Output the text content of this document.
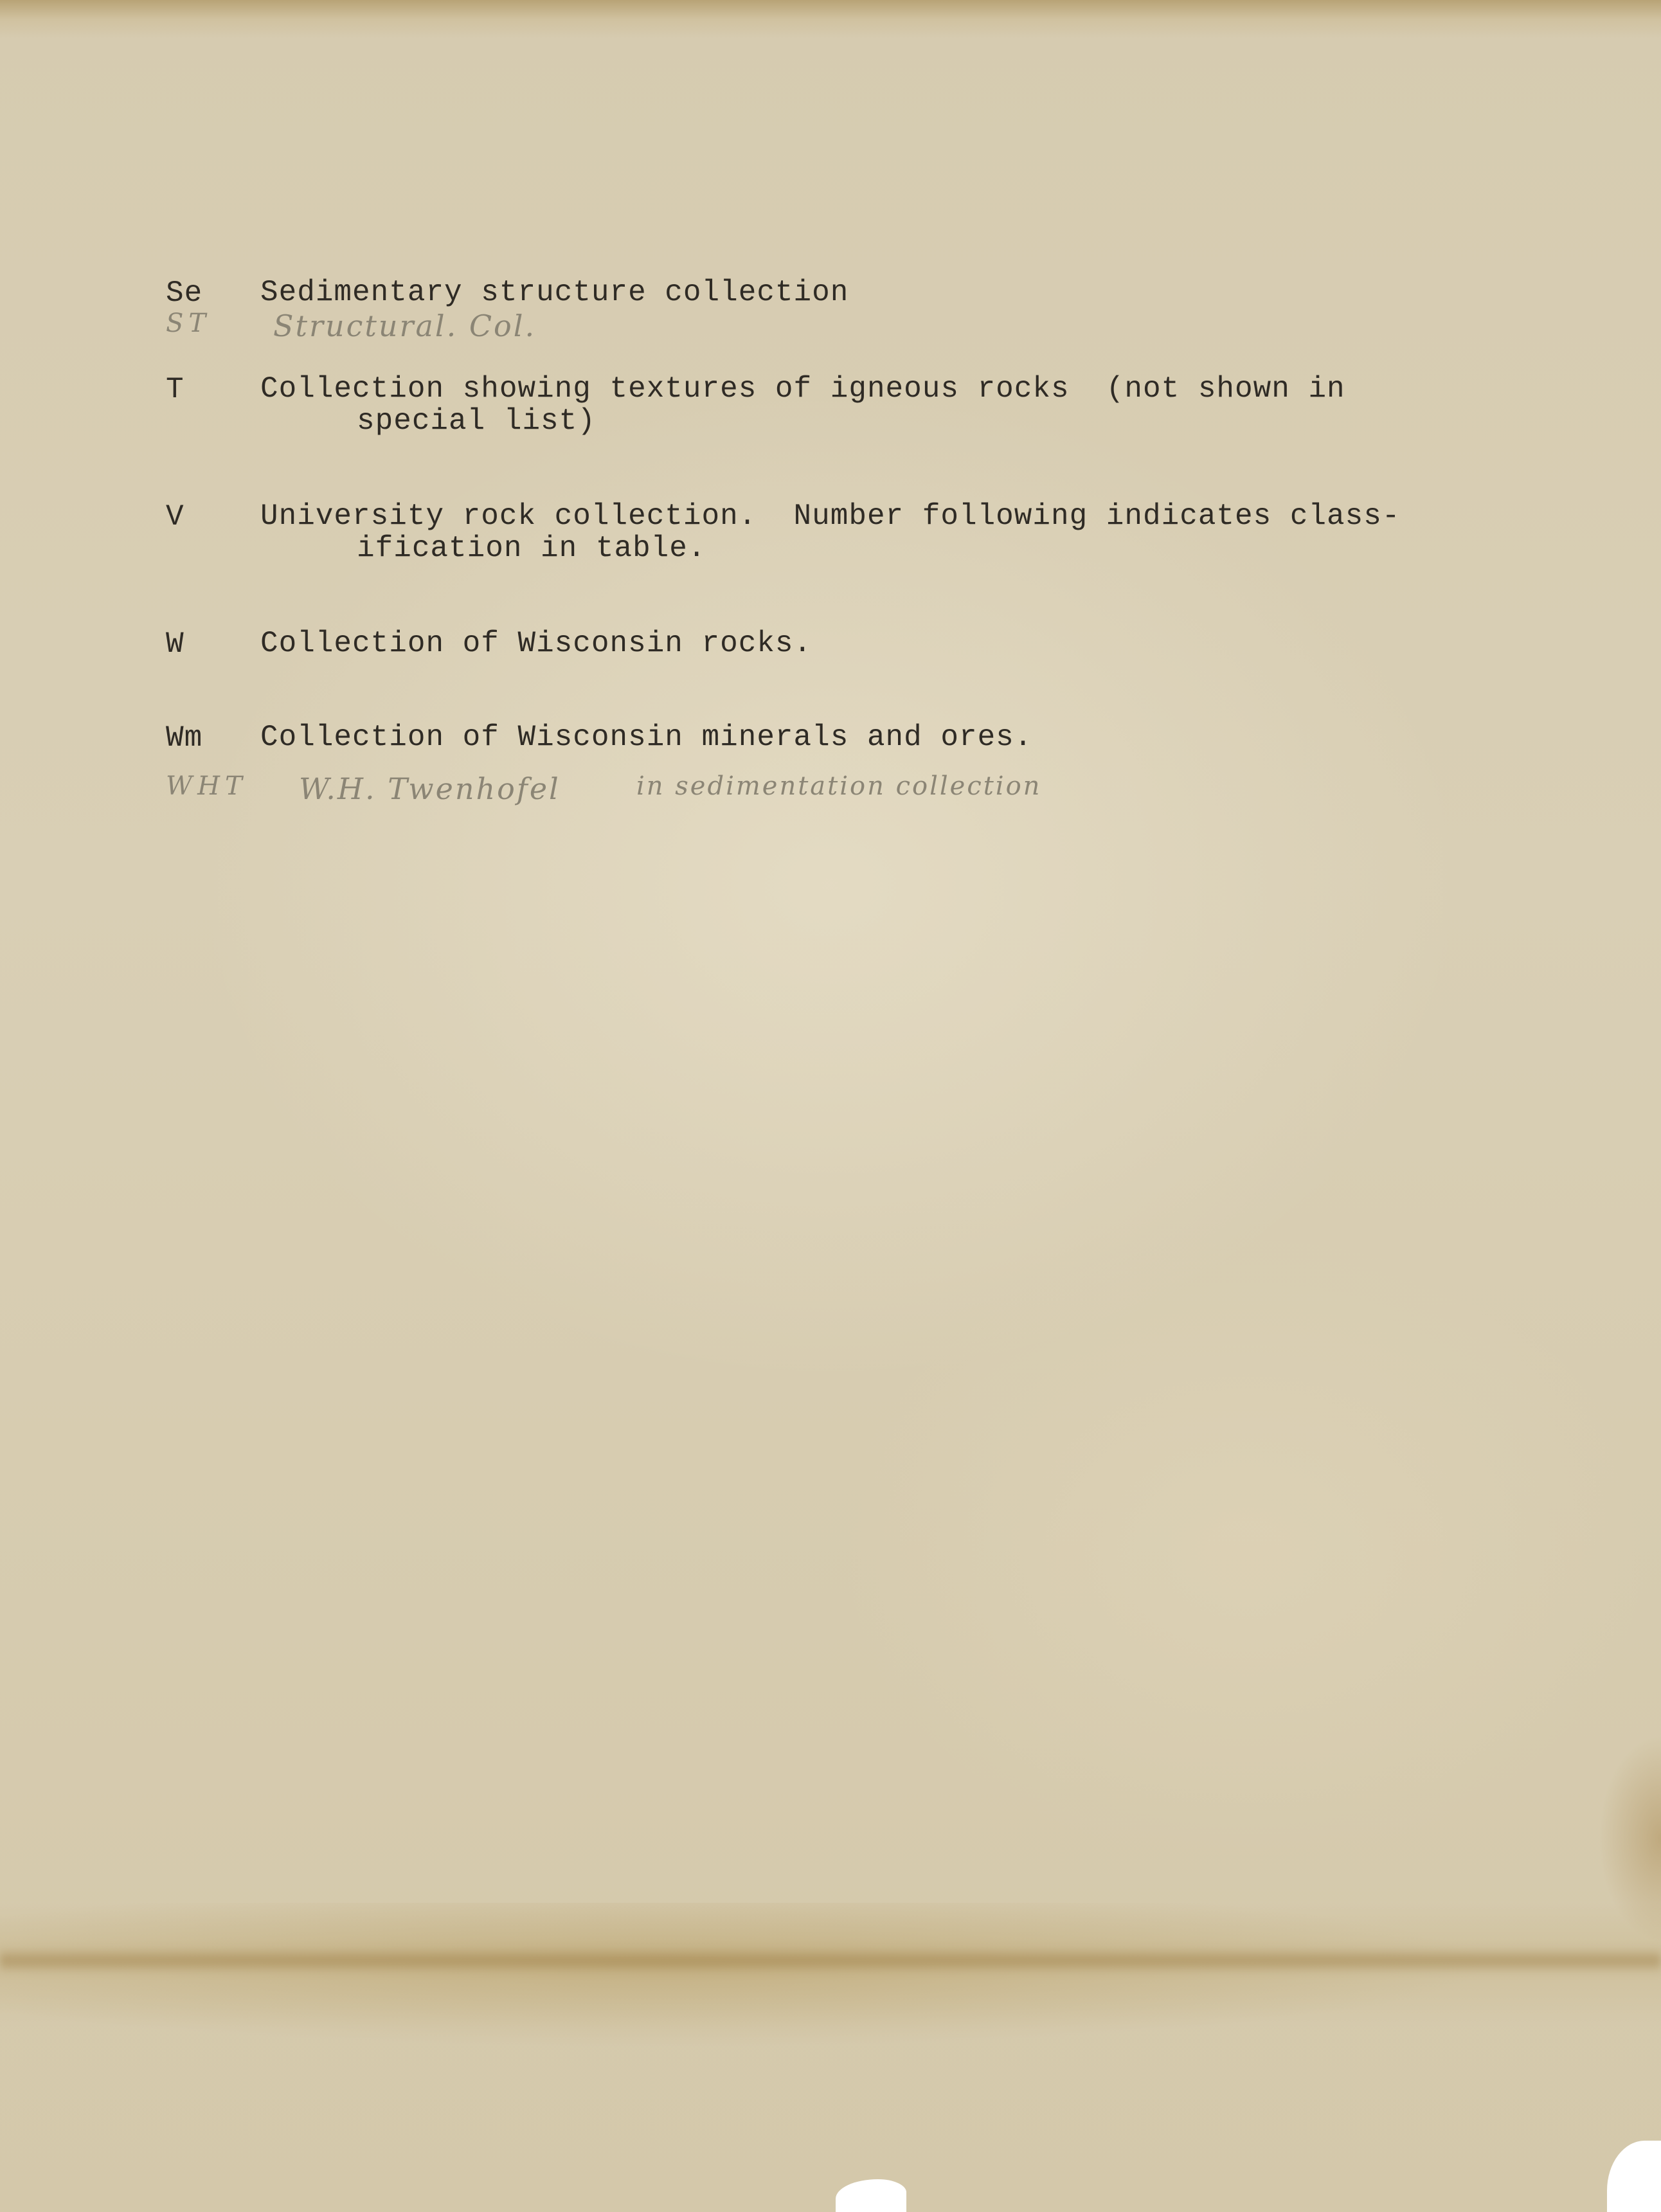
Se Sedimentary structure collection
ST Structural. Col.
T	Collection showing textures of igneous rocks  (not shown in
special list)
V	University rock collection.  Number following indicates class-
ification in table.
W	Collection of Wisconsin rocks.
Wm Collection of Wisconsin minerals and ores.
WHT W.H. Twenhofel	in sedimentation collection
